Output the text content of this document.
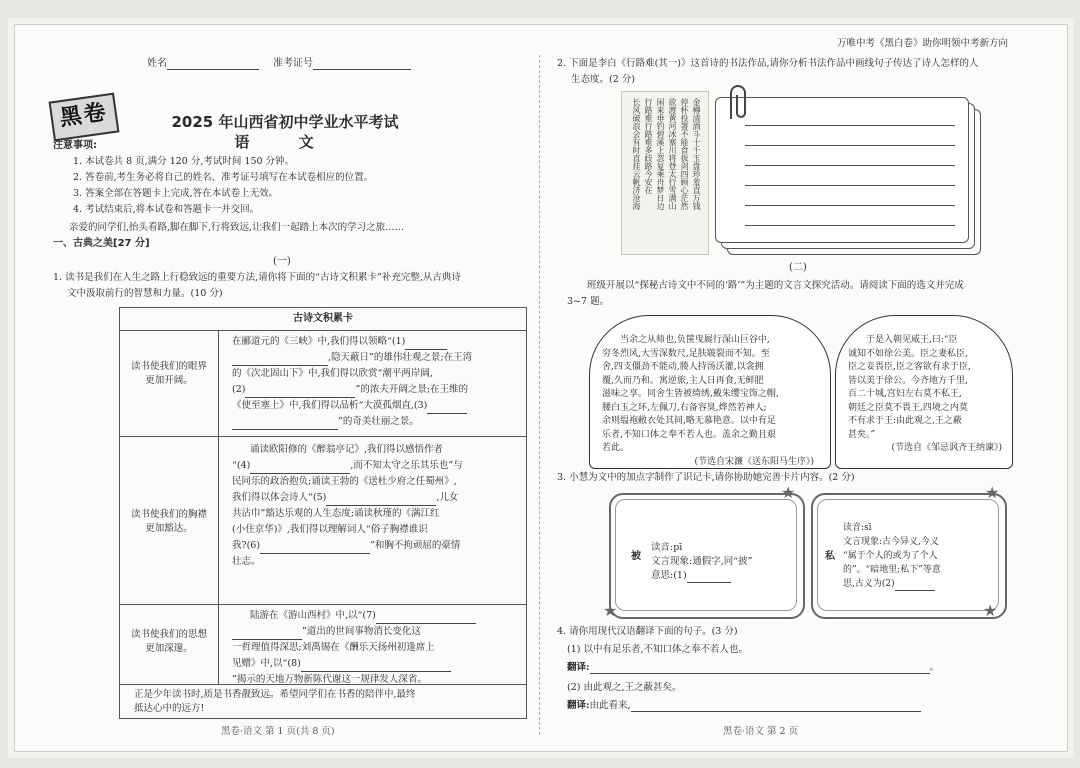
万唯中考《黑白卷》助你明领中考新方向
姓名	准考证号
黑卷	2025 年山西省初中学业水平考试
语 文
注意事项:
1. 本试卷共 8 页,满分 120 分,考试时间 150 分钟。
2. 答卷前,考生务必将自己的姓名、准考证号填写在本试卷相应的位置。
3. 答案全部在答题卡上完成,答在本试卷上无效。
4. 考试结束后,将本试卷和答题卡一并交回。
亲爱的同学们,抬头看路,脚在脚下,行将致远,让我们一起踏上本次的学习之旅……
一、古典之美[27 分]
(一)
1. 读书是我们在人生之路上行稳致远的重要方法,请你将下面的“古诗文积累卡”补充完整,从古典诗
文中汲取前行的智慧和力量。(10 分)
古诗文积累卡
读书使我们的眼界
更加开阔。
在郦道元的《三峡》中,我们得以领略“(1)
,隐天蔽日”的雄伟壮观之景;在王湾
的《次北固山下》中,我们得以欣赏“潮平两岸阔,
(2)	”的浓夫开阔之景;在王维的
《使至塞上》中,我们得以品析“大漠孤烟直,(3)
”的奇美壮丽之景。
读书使我们的胸襟
更加豁达。
诵读欧阳修的《醉翁亭记》,我们得以感悟作者
“(4)	,而不知太守之乐其乐也”与
民同乐的政治抱负;诵读王勃的《送杜少府之任蜀州》,
我们得以体会诗人“(5)	,儿女
共沾巾”豁达乐观的人生态度;诵读秋瑾的《满江红
(小住京华)》,我们得以理解词人“俗子胸襟谁识
我?(6)	”和胸不拘顽屈的豪情
壮志。
读书使我们的思想
更加深邃。
陆游在《游山西村》中,以“(7)
”道出的世间事物消长变化这
一哲理值得深思;刘禹锡在《酬乐天扬州初逢席上
见赠》中,以“(8)
”揭示的天地万物新陈代谢这一规律发人深省。
正是少年读书时,质是书香靓致远。希望同学们在书香的陪伴中,最终
抵达心中的远方!
黑卷·语文 第 1 页(共 8 页)
2. 下面是李白《行路难(其一)》这首诗的书法作品,请你分析书法作品中画线句子传达了诗人怎样的人
生态度。(2 分)
金樽清酒斗十千玉盘珍羞直万钱
停杯投箸不能食拔剑四顾心茫然
欲渡黄河冰塞川将登太行雪满山
闲来垂钓碧溪上忽复乘舟梦日边
行路难行路难多歧路今安在
长风破浪会有时直挂云帆济沧海
(二)
班级开展以“探秘古诗文中不同的‘路’”为主题的文言文探究活动。请阅读下面的选文并完成
3~7 题。
当余之从师也,负箧曳屣行深山巨谷中,
穷冬烈风,大雪深数尺,足肤皲裂而不知。至
舍,四支僵劲不能动,媵人持汤沃灌,以衾拥
覆,久而乃和。寓逆旅,主人日再食,无鲜肥
滋味之享。同舍生皆被绮绣,戴朱缨宝饰之帽,
腰白玉之环,左佩刀,右备容臭,烨然若神人;
余则缊袍敝衣处其间,略无慕艳意。以中有足
乐者,不知口体之奉不若人也。盖余之勤且艰
若此。
(节选自宋濂《送东阳马生序》)
于是入朝见威王,曰:“臣
诚知不如徐公美。臣之妻私臣,
臣之妾畏臣,臣之客欲有求于臣,
皆以美于徐公。今齐地方千里,
百二十城,宫妇左右莫不私王,
朝廷之臣莫不畏王,四境之内莫
不有求于王:由此观之,王之蔽
甚矣。”
(节选自《邹忌讽齐王纳谏》)
3. 小慧为文中的加点字制作了识记卡,请你协助她完善卡片内容。(2 分)
被
读音:pī
文言现象:通假字,同“披”
意思:(1)
★
★
私
读音:sī
文言现象:古今异义,今义
“属于个人的或为了个人
的”。“暗地里;私下”等意
思,古义为(2)
★
★
4. 请你用现代汉语翻译下面的句子。(3 分)
(1) 以中有足乐者,不知口体之奉不若人也。
翻译:	。
(2) 由此观之,王之蔽甚矣。
翻译:由此看来,
黑卷·语文 第 2 页
